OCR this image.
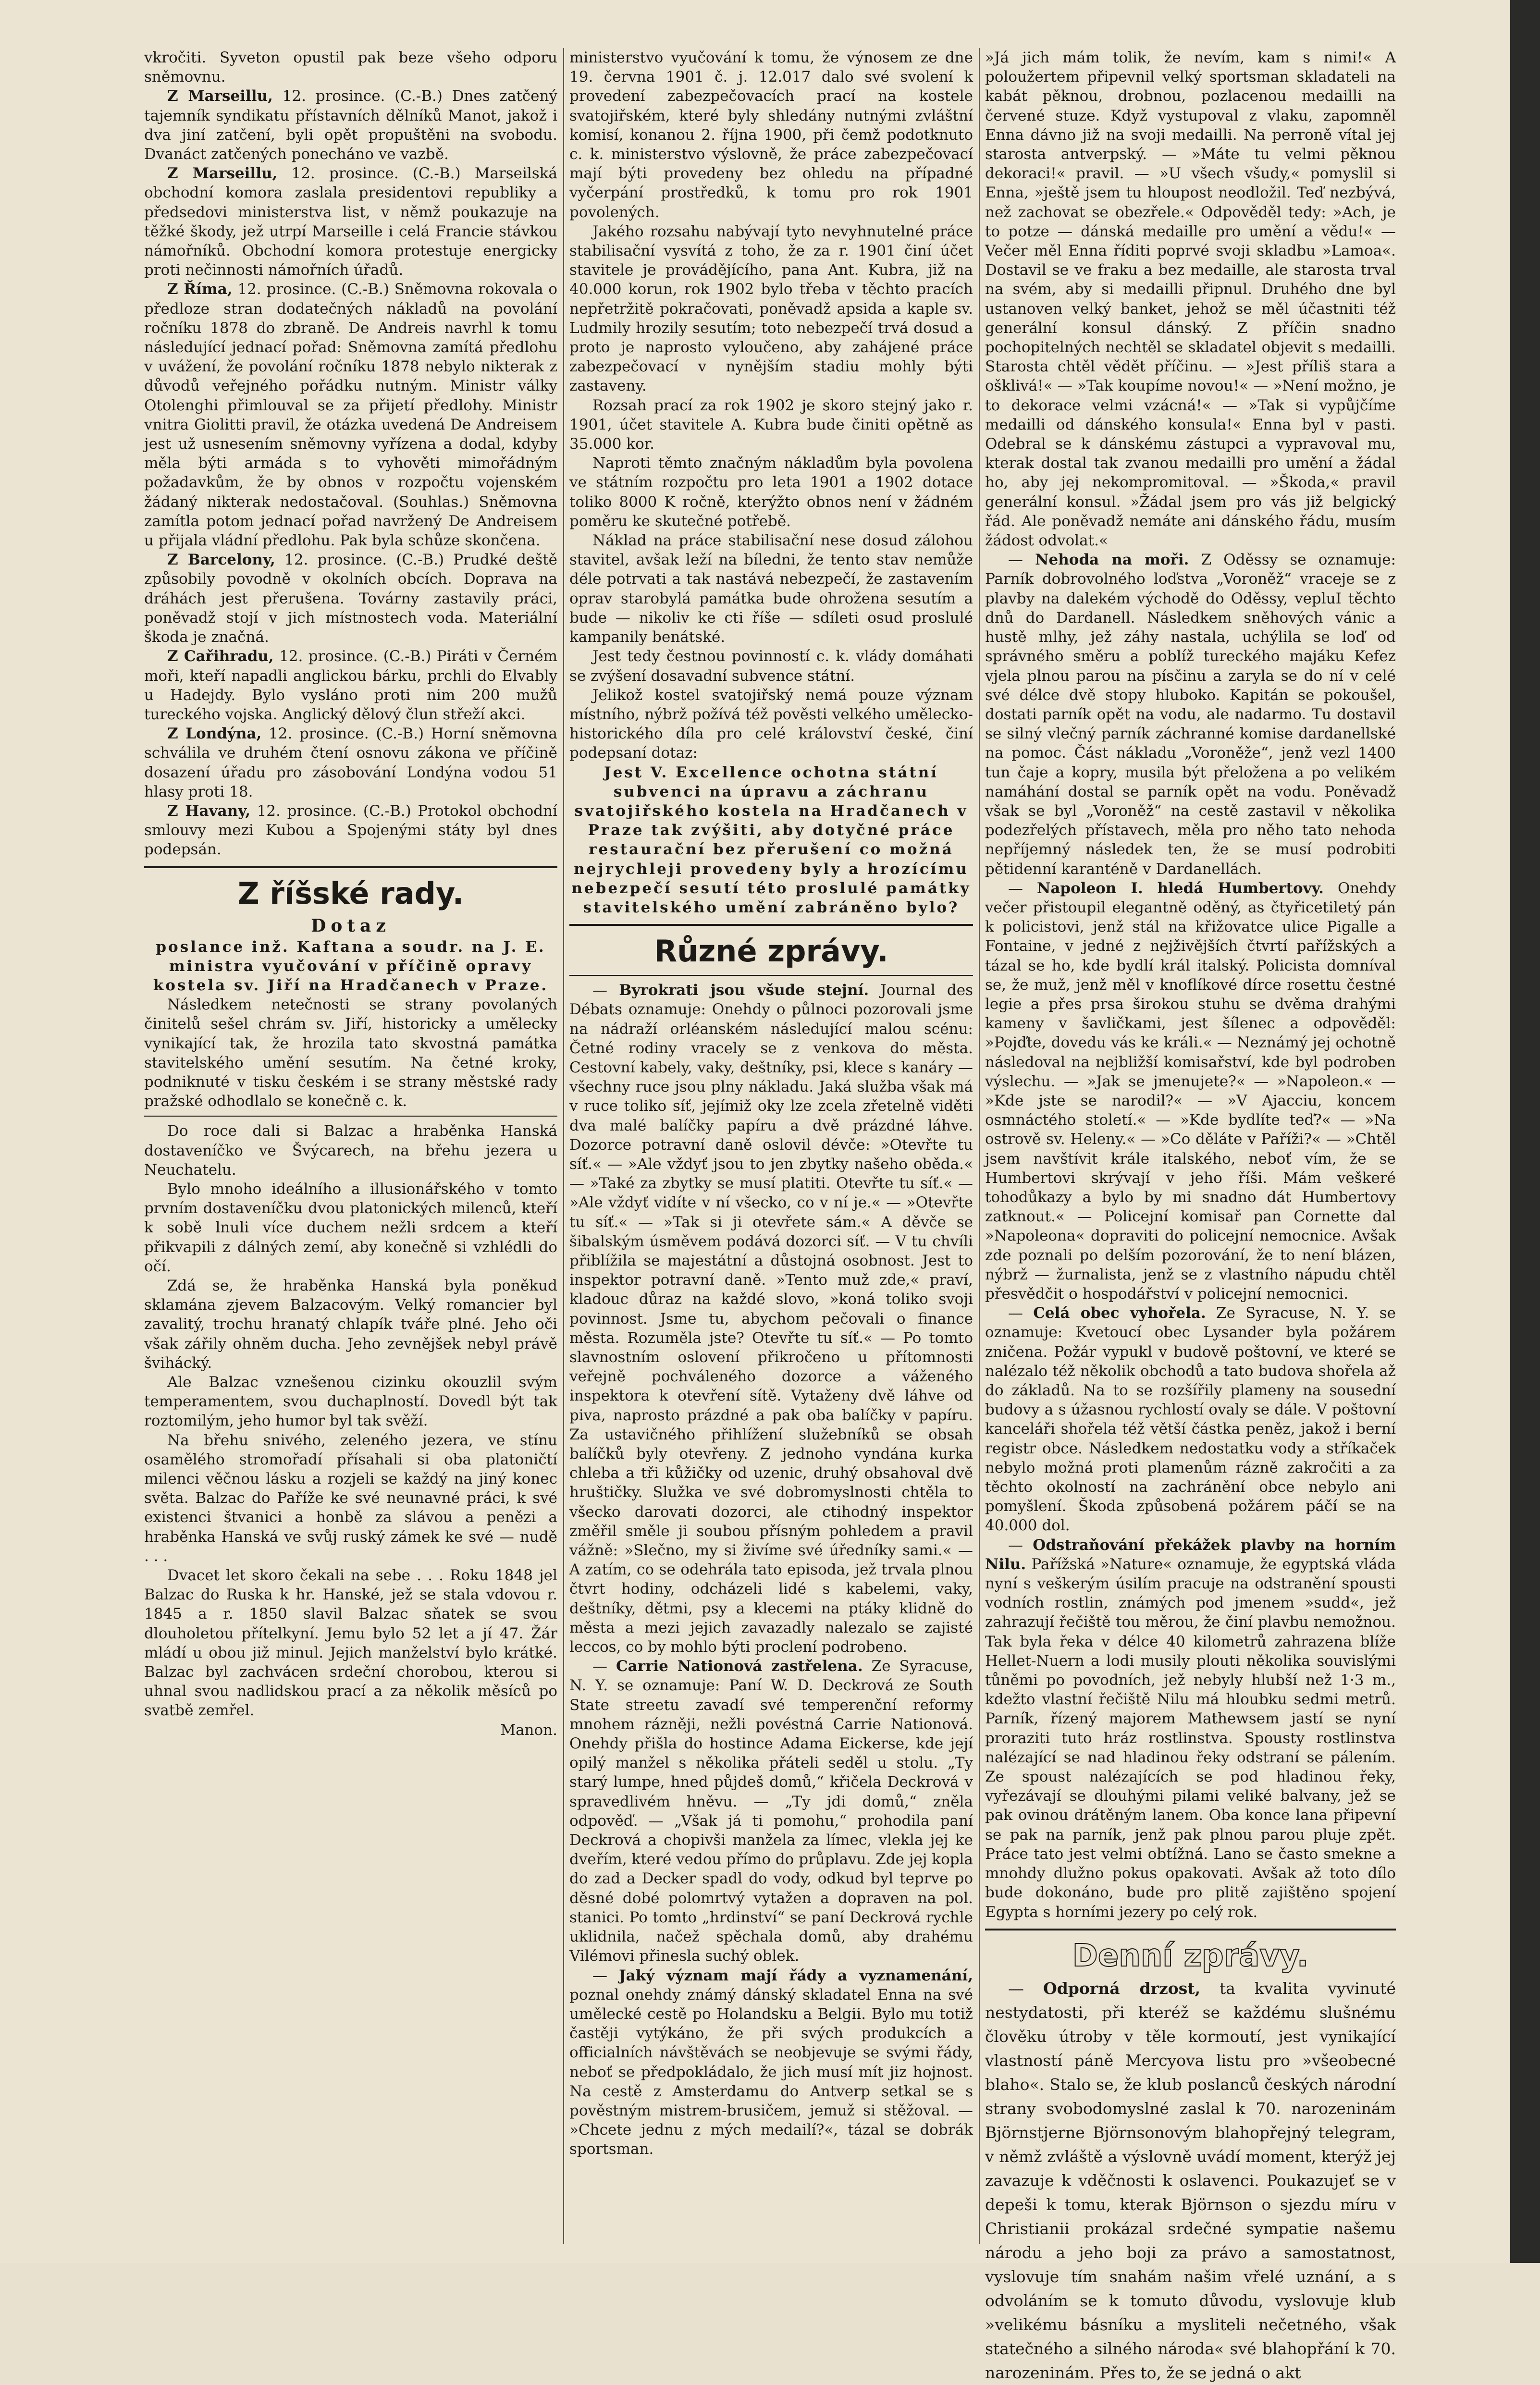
vkročiti. Syveton opustil pak beze všeho odporu sněmovnu.

Z Marseillu, 12. prosince. (C.-B.) Dnes zatčený tajemník syndikatu přístavních dělníků Manot, jakož i dva jiní zatčení, byli opět propuštěni na svobodu. Dvanáct zatčených ponecháno ve vazbě.

Z Marseillu, 12. prosince. (C.-B.) Marseilská obchodní komora zaslala presidentovi republiky a předsedovi ministerstva list, v němž poukazuje na těžké škody, jež utrpí Marseille i celá Francie stávkou námořníků. Obchodní komora protestuje energicky proti nečinnosti námořních úřadů.

Z Říma, 12. prosince. (C.-B.) Sněmovna rokovala o předloze stran dodatečných nákladů na povolání ročníku 1878 do zbraně. De Andreis navrhl k tomu následující jednací pořad: Sněmovna zamítá předlohu v uvážení, že povolání ročníku 1878 nebylo nikterak z důvodů veřejného pořádku nutným. Ministr války Otolenghi přimlouval se za přijetí předlohy. Ministr vnitra Giolitti pravil, že otázka uvedená De Andreisem jest už usnesením sněmovny vyřízena a dodal, kdyby měla býti armáda s to vyhověti mimořádným požadavkům, že by obnos v rozpočtu vojenském žádaný nikterak nedostačoval. (Souhlas.) Sněmovna zamítla potom jednací pořad navržený De Andreisem u přijala vládní předlohu. Pak byla schůze skončena.

Z Barcelony, 12. prosince. (C.-B.) Prudké deště způsobily povodně v okolních obcích. Doprava na dráhách jest přerušena. Továrny zastavily práci, poněvadž stojí v jich místnostech voda. Materiální škoda je značná.

Z Cařihradu, 12. prosince. (C.-B.) Piráti v Černém moři, kteří napadli anglickou bárku, prchli do Elvably u Hadejdy. Bylo vysláno proti nim 200 mužů tureckého vojska. Anglický dělový člun střeží akci.

Z Londýna, 12. prosince. (C.-B.) Horní sněmovna schválila ve druhém čtení osnovu zákona ve příčině dosazení úřadu pro zásobování Londýna vodou 51 hlasy proti 18.

Z Havany, 12. prosince. (C.-B.) Protokol obchodní smlouvy mezi Kubou a Spojenými státy byl dnes podepsán.

Z říšské rady.
Dotaz

poslance inž. Kaftana a soudr. na J. E. ministra vyučování v příčině opravy kostela sv. Jiří na Hradčanech v Praze.

Následkem netečnosti se strany povolaných činitelů sešel chrám sv. Jiří, historicky a umělecky vynikající tak, že hrozila tato skvostná památka stavitelského umění sesutím. Na četné kroky, podniknuté v tisku českém i se strany městské rady pražské odhodlalo se konečně c. k.

Do roce dali si Balzac a hraběnka Hanská dostaveníčko ve Švýcarech, na břehu jezera u Neuchatelu.

Bylo mnoho ideálního a illusionářského v tomto prvním dostaveníčku dvou platonických milenců, kteří k sobě lnuli více duchem nežli srdcem a kteří přikvapili z dálných zemí, aby konečně si vzhlédli do očí.

Zdá se, že hraběnka Hanská byla poněkud sklamána zjevem Balzacovým. Velký romancier byl zavalitý, trochu hranatý chlapík tváře plné. Jeho oči však zářily ohněm ducha. Jeho zevnějšek nebyl právě švihácký.

Ale Balzac vznešenou cizinku okouzlil svým temperamentem, svou duchaplností. Dovedl být tak roztomilým, jeho humor byl tak svěží.

Na břehu snivého, zeleného jezera, ve stínu osamělého stromořadí přísahali si oba platoničtí milenci věčnou lásku a rozjeli se každý na jiný konec světa. Balzac do Paříže ke své neunavné práci, k své existenci štvanici a honbě za slávou a penězi a hraběnka Hanská ve svůj ruský zámek ke své — nudě . . .

Dvacet let skoro čekali na sebe . . . Roku 1848 jel Balzac do Ruska k hr. Hanské, jež se stala vdovou r. 1845 a r. 1850 slavil Balzac sňatek se svou dlouholetou přítelkyní. Jemu bylo 52 let a jí 47. Žár mládí u obou již minul. Jejich manželství bylo krátké. Balzac byl zachvácen srdeční chorobou, kterou si uhnal svou nadlidskou prací a za několik měsíců po svatbě zemřel.

Manon.

ministerstvo vyučování k tomu, že výnosem ze dne 19. června 1901 č. j. 12.017 dalo své svolení k provedení zabezpečovacích prací na kostele svatojiřském, které byly shledány nutnými zvláštní komisí, konanou 2. října 1900, při čemž podotknuto c. k. ministerstvo výslovně, že práce zabezpečovací mají býti provedeny bez ohledu na případné vyčerpání prostředků, k tomu pro rok 1901 povolených.

Jakého rozsahu nabývají tyto nevyhnutelné práce stabilisační vysvítá z toho, že za r. 1901 činí účet stavitele je provádějícího, pana Ant. Kubra, již na 40.000 korun, rok 1902 bylo třeba v těchto pracích nepřetržitě pokračovati, poněvadž apsida a kaple sv. Ludmily hrozily sesutím; toto nebezpečí trvá dosud a proto je naprosto vyloučeno, aby zahájené práce zabezpečovací v nynějším stadiu mohly býti zastaveny.

Rozsah prací za rok 1902 je skoro stejný jako r. 1901, účet stavitele A. Kubra bude činiti opětně as 35.000 kor.

Naproti těmto značným nákladům byla povolena ve státním rozpočtu pro leta 1901 a 1902 dotace toliko 8000 K ročně, kterýžto obnos není v žádném poměru ke skutečné potřebě.

Náklad na práce stabilisační nese dosud zálohou stavitel, avšak leží na bíledni, že tento stav nemůže déle potrvati a tak nastává nebezpečí, že zastavením oprav starobylá památka bude ohrožena sesutím a bude — nikoliv ke cti říše — sdíleti osud proslulé kampanily benátské.

Jest tedy čestnou povinností c. k. vlády domáhati se zvýšení dosavadní subvence státní.

Jelikož kostel svatojiřský nemá pouze význam místního, nýbrž požívá též pověsti velkého umělecko-historického díla pro celé království české, činí podepsaní dotaz:

Jest V. Excellence ochotna státní subvenci na úpravu a záchranu svatojiřského kostela na Hradčanech v Praze tak zvýšiti, aby dotyčné práce restaurační bez přerušení co možná nejrychleji provedeny byly a hrozícímu nebezpečí sesutí této proslulé památky stavitelského umění zabráněno bylo?

Různé zprávy.

— Byrokrati jsou všude stejní. Journal des Débats oznamuje: Onehdy o půlnoci pozorovali jsme na nádraží orléanském následující malou scénu: Četné rodiny vracely se z venkova do města. Cestovní kabely, vaky, deštníky, psi, klece s kanáry — všechny ruce jsou plny nákladu. Jaká služba však má v ruce toliko síť, jejímiž oky lze zcela zřetelně viděti dva malé balíčky papíru a dvě prázdné láhve. Dozorce potravní daně oslovil dévče: »Otevřte tu síť.« — »Ale vždyť jsou to jen zbytky našeho oběda.« — »Také za zbytky se musí platiti. Otevřte tu síť.« — »Ale vždyť vidíte v ní všecko, co v ní je.« — »Otevřte tu síť.« — »Tak si ji otevřete sám.« A děvče se šibalským úsměvem podává dozorci síť. — V tu chvíli přiblížila se majestátní a důstojná osobnost. Jest to inspektor potravní daně. »Tento muž zde,« praví, kladouc důraz na každé slovo, »koná toliko svoji povinnost. Jsme tu, abychom pečovali o finance města. Rozuměla jste? Otevřte tu síť.« — Po tomto slavnostním oslovení přikročeno u přítomnosti veřejně pochváleného dozorce a váženého inspektora k otevření sítě. Vytaženy dvě láhve od piva, naprosto prázdné a pak oba balíčky v papíru. Za ustavičného přihlížení služebníků se obsah balíčků byly otevřeny. Z jednoho vyndána kurka chleba a tři kůžičky od uzenic, druhý obsahoval dvě hruštičky. Služka ve své dobromyslnosti chtěla to všecko darovati dozorci, ale ctihodný inspektor změřil směle ji soubou přísným pohledem a pravil vážně: »Slečno, my si živíme své úředníky sami.« — A zatím, co se odehrála tato episoda, jež trvala plnou čtvrt hodiny, odcházeli lidé s kabelemi, vaky, deštníky, dětmi, psy a klecemi na ptáky klidně do města a mezi jejich zavazadly nalezalo se zajisté leccos, co by mohlo býti proclení podrobeno.

— Carrie Nationová zastřelena. Ze Syracuse, N. Y. se oznamuje: Paní W. D. Deckrová ze South State streetu zavadí své temperenční reformy mnohem rázněji, nežli povéstná Carrie Nationová. Onehdy přišla do hostince Adama Eickerse, kde její opilý manžel s několika přáteli seděl u stolu. „Ty starý lumpe, hned půjdeš domů,“ křičela Deckrová v spravedlivém hněvu. — „Ty jdi domů,“ zněla odpověď. — „Však já ti pomohu,“ prohodila paní Deckrová a chopivši manžela za límec, vlekla jej ke dveřím, které vedou přímo do průplavu. Zde jej kopla do zad a Decker spadl do vody, odkud byl teprve po děsné dobé polomrtvý vytažen a dopraven na pol. stanici. Po tomto „hrdinství“ se paní Deckrová rychle uklidnila, načež spěchala domů, aby drahému Vilémovi přinesla suchý oblek.

— Jaký význam mají řády a vyznamenání, poznal onehdy známý dánský skladatel Enna na své umělecké cestě po Holandsku a Belgii. Bylo mu totiž častěji vytýkáno, že při svých produkcích a officialních návštěvách se neobjevuje se svými řády, neboť se předpokládalo, že jich musí mít jiz hojnost. Na cestě z Amsterdamu do Antverp setkal se s pověstným mistrem-brusičem, jemuž si stěžoval. — »Chcete jednu z mých medailí?«, tázal se dobrák sportsman.

»Já jich mám tolik, že nevím, kam s nimi!« A poloužertem připevnil velký sportsman skladateli na kabát pěknou, drobnou, pozlacenou medailli na červené stuze. Když vystupoval z vlaku, zapomněl Enna dávno již na svoji medailli. Na perroně vítal jej starosta antverpský. — »Máte tu velmi pěknou dekoraci!« pravil. — »U všech všudy,« pomyslil si Enna, »ještě jsem tu hloupost neodložil. Teď nezbývá, než zachovat se obezřele.« Odpověděl tedy: »Ach, je to potze — dánská medaille pro umění a vědu!« — Večer měl Enna říditi poprvé svoji skladbu »Lamoa«. Dostavil se ve fraku a bez medaille, ale starosta trval na svém, aby si medailli připnul. Druhého dne byl ustanoven velký banket, jehož se měl účastniti též generální konsul dánský. Z příčin snadno pochopitelných nechtěl se skladatel objevit s medailli. Starosta chtěl vědět příčinu. — »Jest příliš stara a ošklivá!« — »Tak koupíme novou!« — »Není možno, je to dekorace velmi vzácná!« — »Tak si vypůjčíme medailli od dánského konsula!« Enna byl v pasti. Odebral se k dánskému zástupci a vypravoval mu, kterak dostal tak zvanou medailli pro umění a žádal ho, aby jej nekompromitoval. — »Škoda,« pravil generální konsul. »Žádal jsem pro vás již belgický řád. Ale poněvadž nemáte ani dánského řádu, musím žádost odvolat.«

— Nehoda na moři. Z Oděssy se oznamuje: Parník dobrovolného loďstva „Voroněž“ vraceje se z plavby na dalekém východě do Oděssy, vepluI těchto dnů do Dardanell. Následkem sněhových vánic a hustě mlhy, jež záhy nastala, uchýlila se loď od správného směru a poblíž tureckého majáku Kefez vjela plnou parou na písčinu a zaryla se do ní v celé své délce dvě stopy hluboko. Kapitán se pokoušel, dostati parník opět na vodu, ale nadarmo. Tu dostavil se silný vlečný parník záchranné komise dardanellské na pomoc. Část nákladu „Voroněže“, jenž vezl 1400 tun čaje a kopry, musila být přeložena a po velikém namáhání dostal se parník opět na vodu. Poněvadž však se byl „Voroněž“ na cestě zastavil v několika podezřelých přístavech, měla pro něho tato nehoda nepříjemný následek ten, že se musí podrobiti pětidenní karanténě v Dardanellách.

— Napoleon I. hledá Humbertovy. Onehdy večer přistoupil elegantně oděný, as čtyřicetiletý pán k policistovi, jenž stál na křižovatce ulice Pigalle a Fontaine, v jedné z nejživějších čtvrtí pařížských a tázal se ho, kde bydlí král italský. Policista domníval se, že muž, jenž měl v knoflíkové dírce rosettu čestné legie a přes prsa širokou stuhu se dvěma drahými kameny v šavličkami, jest šílenec a odpověděl: »Pojďte, dovedu vás ke králi.« — Neznámý jej ochotně následoval na nejbližší komisařství, kde byl podroben výslechu. — »Jak se jmenujete?« — »Napoleon.« — »Kde jste se narodil?« — »V Ajacciu, koncem osmnáctého století.« — »Kde bydlíte teď?« — »Na ostrově sv. Heleny.« — »Co děláte v Paříži?« — »Chtěl jsem navštívit krále italského, neboť vím, že se Humbertovi skrývají v jeho říši. Mám veškeré tohodůkazy a bylo by mi snadno dát Humbertovy zatknout.« — Policejní komisař pan Cornette dal »Napoleona« dopraviti do policejní nemocnice. Avšak zde poznali po delším pozorování, že to není blázen, nýbrž — žurnalista, jenž se z vlastního nápudu chtěl přesvědčit o hospodářství v policejní nemocnici.

— Celá obec vyhořela. Ze Syracuse, N. Y. se oznamuje: Kvetoucí obec Lysander byla požárem zničena. Požár vypukl v budově poštovní, ve které se nalézalo též několik obchodů a tato budova shořela až do základů. Na to se rozšířily plameny na sousední budovy a s úžasnou rychlostí ovaly se dále. V poštovní kanceláři shořela též větší částka peněz, jakož i berní registr obce. Následkem nedostatku vody a stříkaček nebylo možná proti plamenům rázně zakročiti a za těchto okolností na zachránění obce nebylo ani pomyšlení. Škoda způsobená požárem páčí se na 40.000 dol.

— Odstraňování překážek plavby na horním Nilu. Pařížská »Nature« oznamuje, že egyptská vláda nyní s veškerým úsilím pracuje na odstranění spousti vodních rostlin, známých pod jmenem »sudd«, jež zahrazují řečiště tou měrou, že činí plavbu nemožnou. Tak byla řeka v délce 40 kilometrů zahrazena blíže Hellet-Nuern a lodi musily plouti několika souvislými tůněmi po povodních, jež nebyly hlubší než 1·3 m., kdežto vlastní řečiště Nilu má hloubku sedmi metrů. Parník, řízený majorem Mathewsem jastí se nyní proraziti tuto hráz rostlinstva. Spousty rostlinstva nalézající se nad hladinou řeky odstraní se pálením. Ze spoust nalézajících se pod hladinou řeky, vyřezávají se dlouhými pilami veliké balvany, jež se pak ovinou drátěným lanem. Oba konce lana připevní se pak na parník, jenž pak plnou parou pluje zpět. Práce tato jest velmi obtížná. Lano se často smekne a mnohdy dlužno pokus opakovati. Avšak až toto dílo bude dokonáno, bude pro plitě zajištěno spojení Egypta s horními jezery po celý rok.

Denní zprávy.

— Odporná drzost, ta kvalita vyvinuté nestydatosti, při kteréž se každému slušnému člověku útroby v těle kormoutí, jest vynikající vlastností páně Mercyova listu pro »všeobecné blaho«. Stalo se, že klub poslanců českých národní strany svobodomyslné zaslal k 70. narozeninám Björnstjerne Björnsonovým blahopřejný telegram, v němž zvláště a výslovně uvádí moment, kterýž jej zavazuje k vděčnosti k oslavenci. Poukazujeť se v depeši k tomu, kterak Björnson o sjezdu míru v Christianii prokázal srdečné sympatie našemu národu a jeho boji za právo a samostatnost, vyslovuje tím snahám našim vřelé uznání, a s odvoláním se k tomuto důvodu, vyslovuje klub »velikému básníku a mysliteli nečetného, však statečného a silného národa« své blahopřání k 70. narozeninám. Přes to, že se jedná o akt
